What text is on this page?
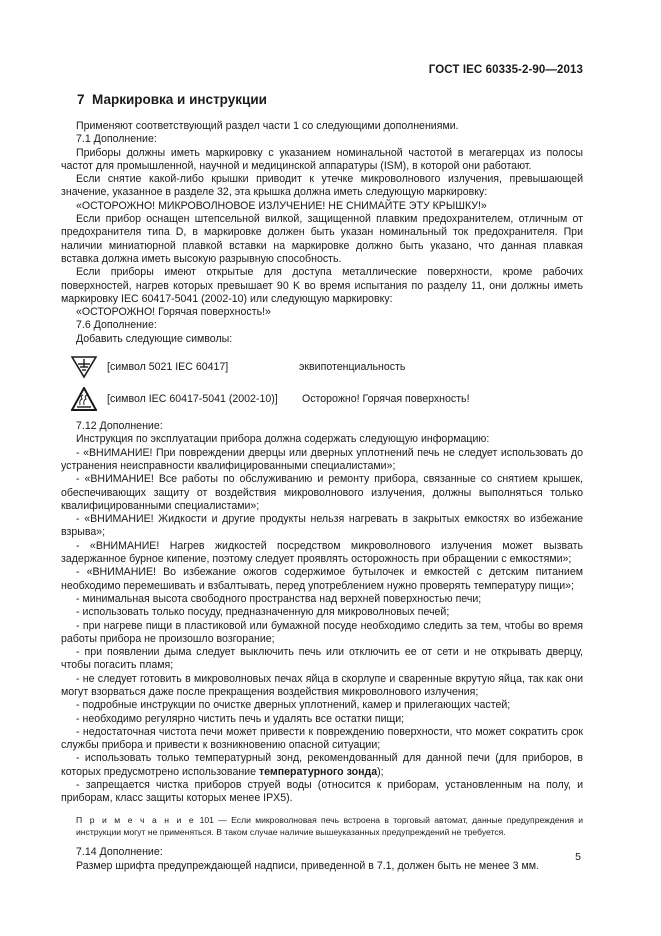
ГОСТ IEC 60335-2-90—2013
7 Маркировка и инструкции

Применяют соответствующий раздел части 1 со следующими дополнениями.

7.1 Дополнение:

Приборы должны иметь маркировку с указанием номинальной частотой в мегагерцах из полосы частот для промышленной, научной и медицинской аппаратуры (ISM), в которой они работают.

Если снятие какой-либо крышки приводит к утечке микроволнового излучения, превышающей значение, указанное в разделе 32, эта крышка должна иметь следующую маркировку:

«ОСТОРОЖНО! МИКРОВОЛНОВОЕ ИЗЛУЧЕНИЕ! НЕ СНИМАЙТЕ ЭТУ КРЫШКУ!»

Если прибор оснащен штепсельной вилкой, защищенной плавким предохранителем, отличным от предохранителя типа D, в маркировке должен быть указан номинальный ток предохранителя. При наличии миниатюрной плавкой вставки на маркировке должно быть указано, что данная плавкая вставка должна иметь высокую разрывную способность.

Если приборы имеют открытые для доступа металлические поверхности, кроме рабочих поверхностей, нагрев которых превышает 90 K во время испытания по разделу 11, они должны иметь маркировку IEC 60417-5041 (2002-10) или следующую маркировку:

«ОСТОРОЖНО! Горячая поверхность!»

7.6 Дополнение:

Добавить следующие символы:

[символ 5021 IEC 60417]	эквипотенциальность
[символ IEC 60417-5041 (2002-10)] Осторожно! Горячая поверхность!

7.12 Дополнение:

Инструкция по эксплуатации прибора должна содержать следующую информацию:

- «ВНИМАНИЕ! При повреждении дверцы или дверных уплотнений печь не следует использовать до устранения неисправности квалифицированными специалистами»;

- «ВНИМАНИЕ! Все работы по обслуживанию и ремонту прибора, связанные со снятием крышек, обеспечивающих защиту от воздействия микроволнового излучения, должны выполняться только квалифицированными специалистами»;

- «ВНИМАНИЕ! Жидкости и другие продукты нельзя нагревать в закрытых емкостях во избежание взрыва»;

- «ВНИМАНИЕ! Нагрев жидкостей посредством микроволнового излучения может вызвать задержанное бурное кипение, поэтому следует проявлять осторожность при обращении с емкостями»;

- «ВНИМАНИЕ! Во избежание ожогов содержимое бутылочек и емкостей с детским питанием необходимо перемешивать и взбалтывать, перед употреблением нужно проверять температуру пищи»;

- минимальная высота свободного пространства над верхней поверхностью печи;

- использовать только посуду, предназначенную для микроволновых печей;

- при нагреве пищи в пластиковой или бумажной посуде необходимо следить за тем, чтобы во время работы прибора не произошло возгорание;

- при появлении дыма следует выключить печь или отключить ее от сети и не открывать дверцу, чтобы погасить пламя;

- не следует готовить в микроволновых печах яйца в скорлупе и сваренные вкрутую яйца, так как они могут взорваться даже после прекращения воздействия микроволнового излучения;

- подробные инструкции по очистке дверных уплотнений, камер и прилегающих частей;

- необходимо регулярно чистить печь и удалять все остатки пищи;

- недостаточная чистота печи может привести к повреждению поверхности, что может сократить срок службы прибора и привести к возникновению опасной ситуации;

- использовать только температурный зонд, рекомендованный для данной печи (для приборов, в которых предусмотрено использование температурного зонда);

- запрещается чистка приборов струей воды (относится к приборам, установленным на полу, и приборам, класс защиты которых менее IPX5).

П р и м е ч а н и е 101 — Если микроволновая печь встроена в торговый автомат, данные предупреждения и инструкции могут не применяться. В таком случае наличие вышеуказанных предупреждений не требуется.

7.14 Дополнение:

Размер шрифта предупреждающей надписи, приведенной в 7.1, должен быть не менее 3 мм.

5
